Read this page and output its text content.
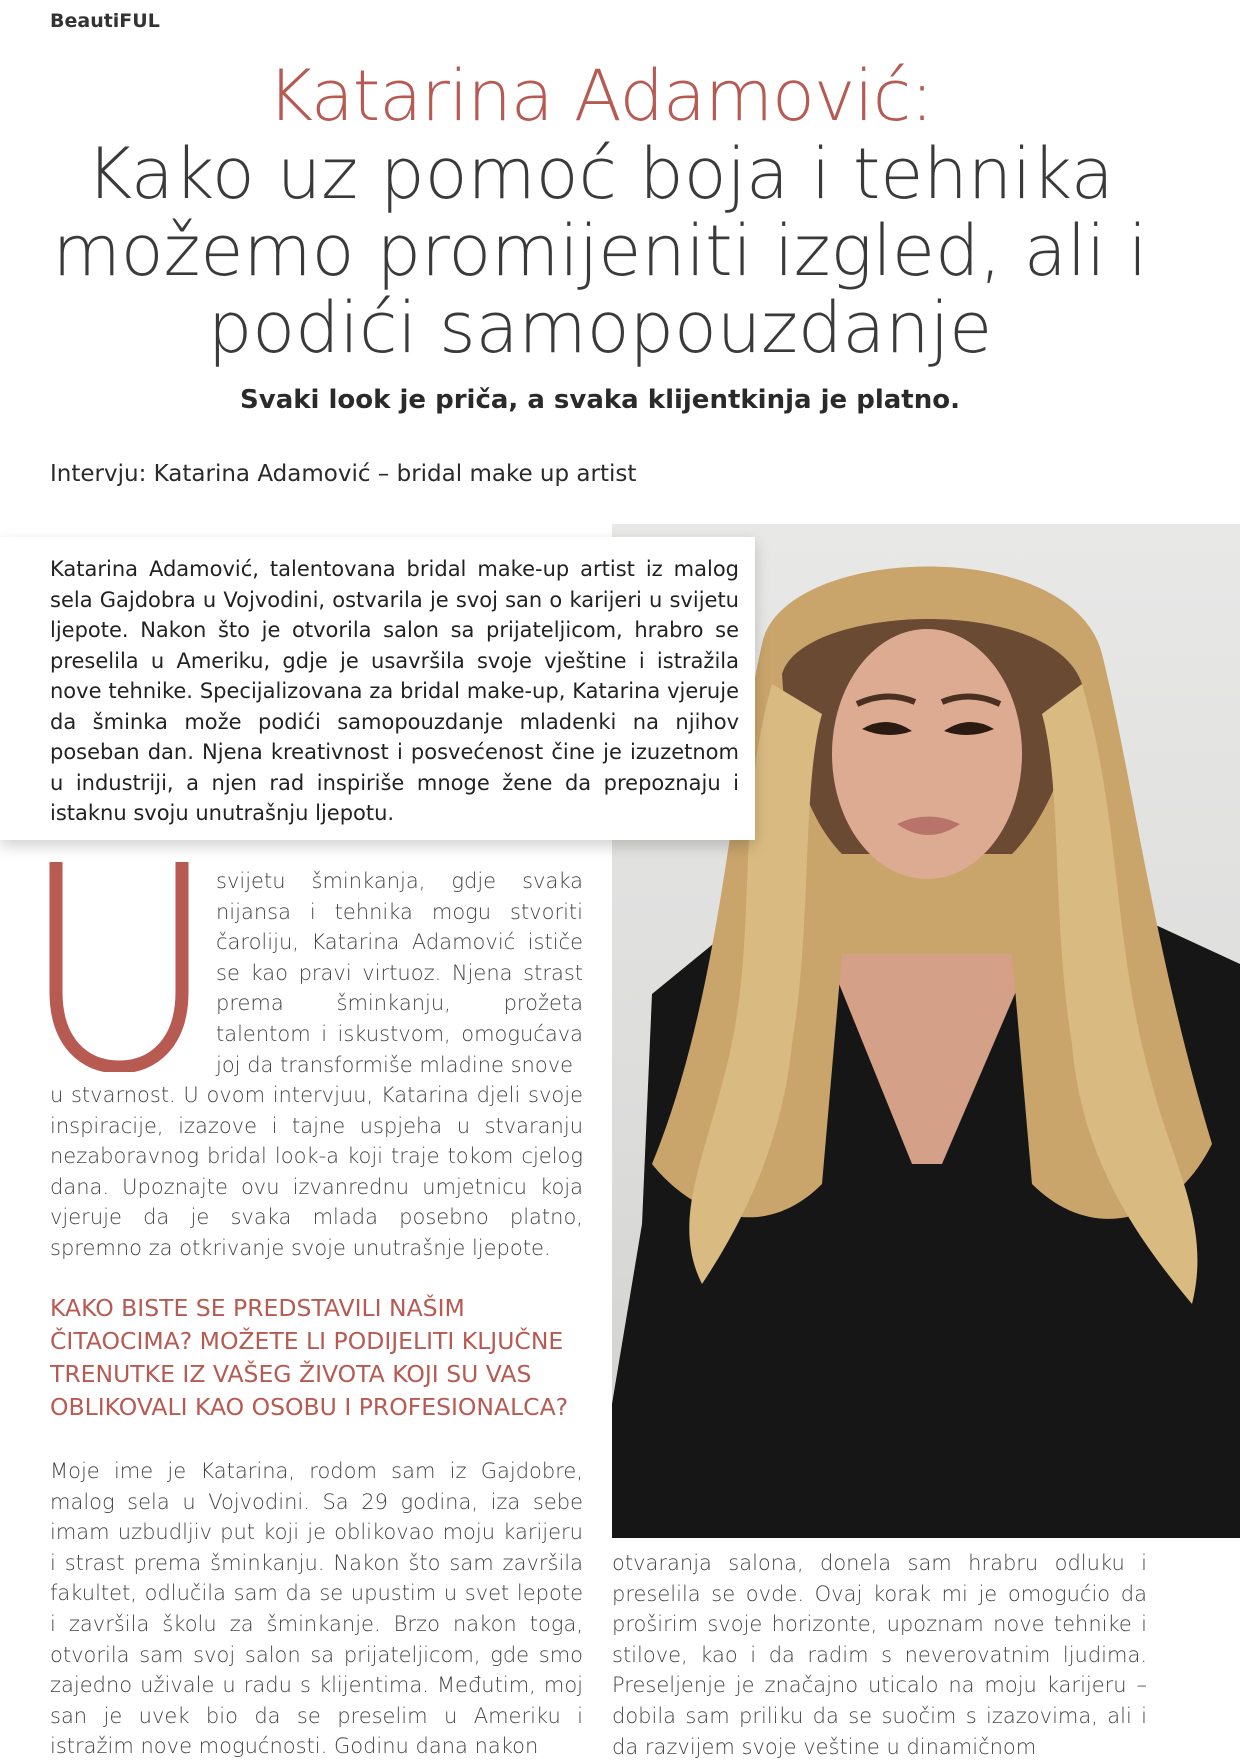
BeautiFUL
Katarina Adamović:
Kako uz pomoć boja i tehnika možemo promijeniti izgled, ali i podići samopouzdanje
Svaki look je priča, a svaka klijentkinja je platno.
Intervju: Katarina Adamović – bridal make up artist
Katarina Adamović, talentovana bridal make-up artist iz malog sela Gajdobra u Vojvodini, ostvarila je svoj san o karijeri u svijetu ljepote. Nakon što je otvorila salon sa prijateljicom, hrabro se preselila u Ameriku, gdje je usavršila svoje vještine i istražila nove tehnike. Specijalizovana za bridal make-up, Katarina vjeruje da šminka može podići samopouzdanje mladenki na njihov poseban dan. Njena kreativnost i posvećenost čine je izuzetnom u industriji, a njen rad inspiriše mnoge žene da prepoznaju i istaknu svoju unutrašnju ljepotu.
svijetu šminkanja, gdje svaka nijansa i tehnika mogu stvoriti čaroliju, Katarina Adamović ističe se kao pravi virtuoz. Njena strast prema šminkanju, prožeta talentom i iskustvom, omogućava joj da transformiše mladine snove
u stvarnost. U ovom intervjuu, Katarina djeli svoje inspiracije, izazove i tajne uspjeha u stvaranju nezaboravnog bridal look-a koji traje tokom cjelog dana. Upoznajte ovu izvanrednu umjetnicu koja vjeruje da je svaka mlada posebno platno, spremno za otkrivanje svoje unutrašnje ljepote.
KAKO BISTE SE PREDSTAVILI NAŠIM ČITAOCIMA? MOŽETE LI PODIJELITI KLJUČNE TRENUTKE IZ VAŠEG ŽIVOTA KOJI SU VAS OBLIKOVALI KAO OSOBU I PROFESIONALCA?
Moje ime je Katarina, rodom sam iz Gajdobre, malog sela u Vojvodini. Sa 29 godina, iza sebe imam uzbudljiv put koji je oblikovao moju karijeru i strast prema šminkanju. Nakon što sam završila fakultet, odlučila sam da se upustim u svet lepote i završila školu za šminkanje. Brzo nakon toga, otvorila sam svoj salon sa prijateljicom, gde smo zajedno uživale u radu s klijentima. Međutim, moj san je uvek bio da se preselim u Ameriku i istražim nove mogućnosti. Godinu dana nakon
otvaranja salona, donela sam hrabru odluku i preselila se ovde. Ovaj korak mi je omogućio da proširim svoje horizonte, upoznam nove tehnike i stilove, kao i da radim s neverovatnim ljudima. Preseljenje je značajno uticalo na moju karijeru – dobila sam priliku da se suočim s izazovima, ali i da razvijem svoje veštine u dinamičnom
